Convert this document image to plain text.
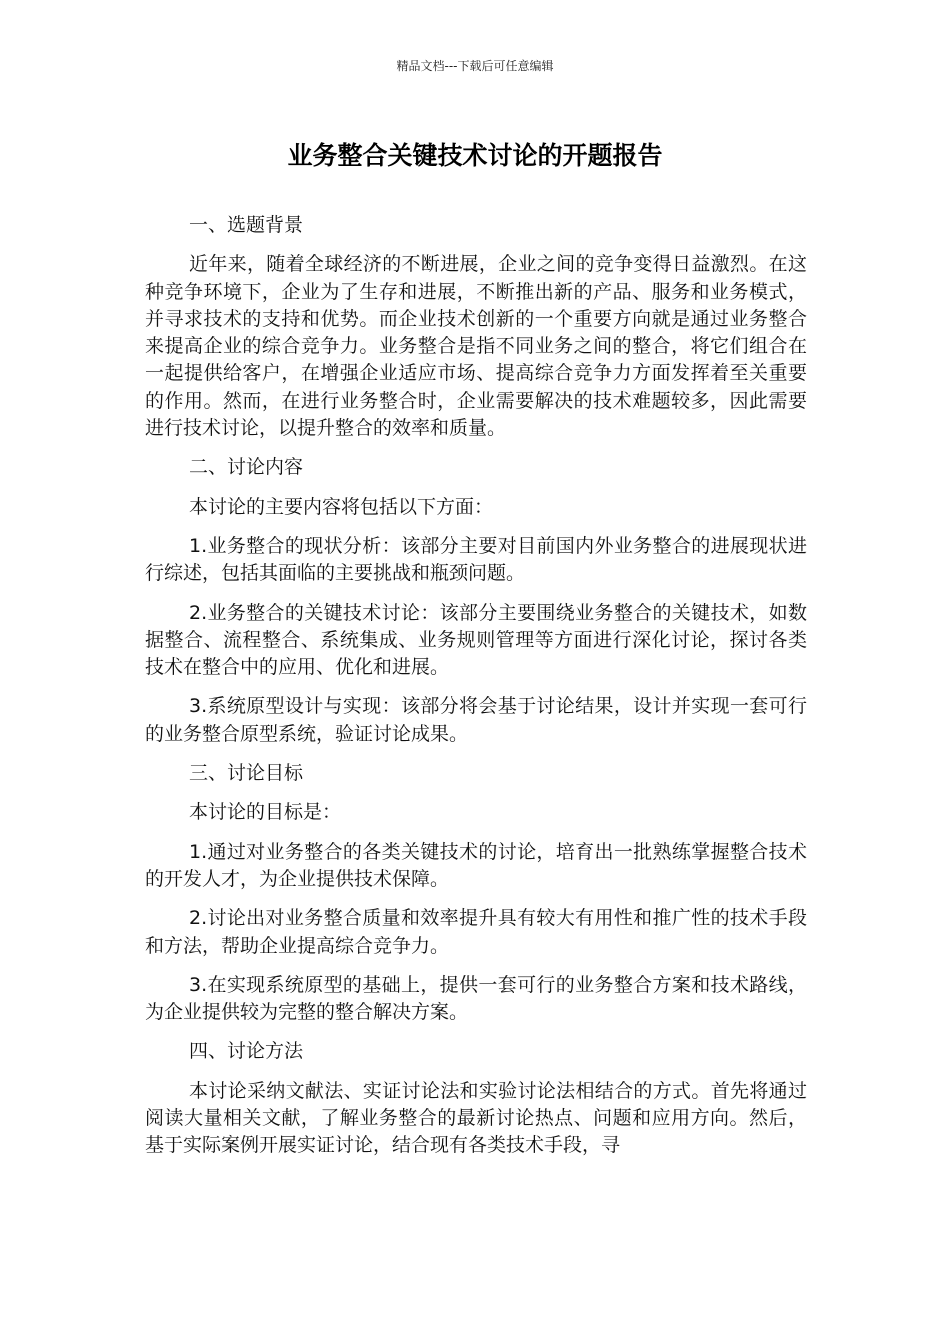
精品文档---下载后可任意编辑
业务整合关键技术讨论的开题报告

一、选题背景

近年来，随着全球经济的不断进展，企业之间的竞争变得日益激烈。在这种竞争环境下，企业为了生存和进展，不断推出新的产品、服务和业务模式，并寻求技术的支持和优势。而企业技术创新的一个重要方向就是通过业务整合来提高企业的综合竞争力。业务整合是指不同业务之间的整合，将它们组合在一起提供给客户，在增强企业适应市场、提高综合竞争力方面发挥着至关重要的作用。然而，在进行业务整合时，企业需要解决的技术难题较多，因此需要进行技术讨论，以提升整合的效率和质量。

二、讨论内容

本讨论的主要内容将包括以下方面：

1.业务整合的现状分析：该部分主要对目前国内外业务整合的进展现状进行综述，包括其面临的主要挑战和瓶颈问题。

2.业务整合的关键技术讨论：该部分主要围绕业务整合的关键技术，如数据整合、流程整合、系统集成、业务规则管理等方面进行深化讨论，探讨各类技术在整合中的应用、优化和进展。

3.系统原型设计与实现：该部分将会基于讨论结果，设计并实现一套可行的业务整合原型系统，验证讨论成果。

三、讨论目标

本讨论的目标是：

1.通过对业务整合的各类关键技术的讨论，培育出一批熟练掌握整合技术的开发人才，为企业提供技术保障。

2.讨论出对业务整合质量和效率提升具有较大有用性和推广性的技术手段和方法，帮助企业提高综合竞争力。

3.在实现系统原型的基础上，提供一套可行的业务整合方案和技术路线，为企业提供较为完整的整合解决方案。

四、讨论方法

本讨论采纳文献法、实证讨论法和实验讨论法相结合的方式。首先将通过阅读大量相关文献，了解业务整合的最新讨论热点、问题和应用方向。然后，基于实际案例开展实证讨论，结合现有各类技术手段，寻
